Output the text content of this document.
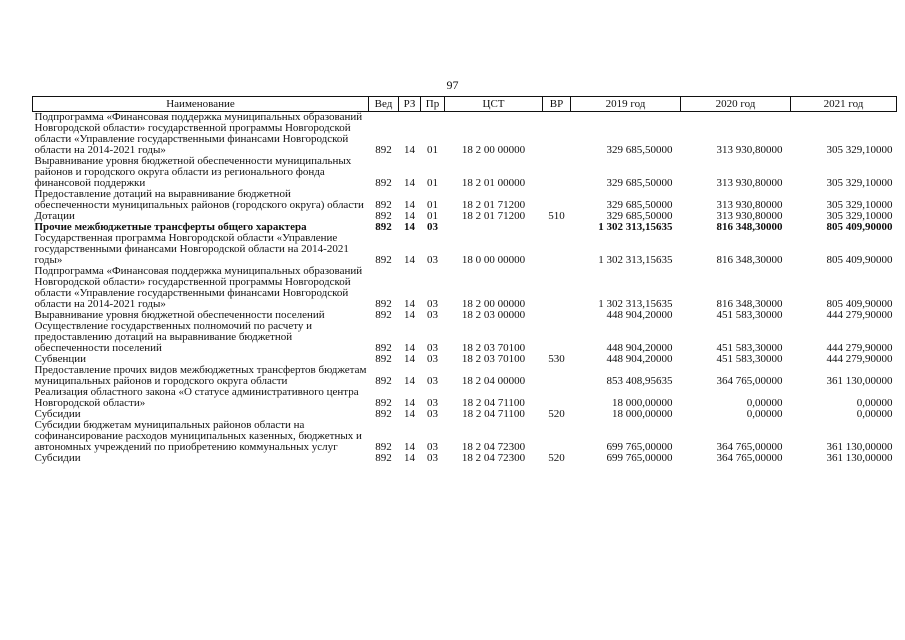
97
Наименование	Вед	РЗ	Пр	ЦСТ	ВР	2019 год	2020 год	2021 год
Подпрограмма «Финансовая поддержка муниципальных образований Новгородской области» государственной программы Новгородской области «Управление государственными финансами Новгородской области на 2014-2021 годы»	892	14	01	18 2 00 00000		329 685,50000	313 930,80000	305 329,10000
Выравнивание уровня бюджетной обеспеченности муниципальных районов и городского округа области из регионального фонда финансовой поддержки	892	14	01	18 2 01 00000		329 685,50000	313 930,80000	305 329,10000
Предоставление дотаций на выравнивание бюджетной обеспеченности муниципальных районов (городского округа) области	892	14	01	18 2 01 71200		329 685,50000	313 930,80000	305 329,10000
Дотации	892	14	01	18 2 01 71200	510	329 685,50000	313 930,80000	305 329,10000
Прочие межбюджетные трансферты общего характера	892	14	03			1 302 313,15635	816 348,30000	805 409,90000
Государственная программа Новгородской области «Управление государственными финансами Новгородской области на 2014-2021 годы»	892	14	03	18 0 00 00000		1 302 313,15635	816 348,30000	805 409,90000
Подпрограмма «Финансовая поддержка муниципальных образований Новгородской области» государственной программы Новгородской области «Управление государственными финансами Новгородской области на 2014-2021 годы»	892	14	03	18 2 00 00000		1 302 313,15635	816 348,30000	805 409,90000
Выравнивание уровня бюджетной обеспеченности поселений	892	14	03	18 2 03 00000		448 904,20000	451 583,30000	444 279,90000
Осуществление государственных полномочий по расчету и предоставлению дотаций на выравнивание бюджетной обеспеченности поселений	892	14	03	18 2 03 70100		448 904,20000	451 583,30000	444 279,90000
Субвенции	892	14	03	18 2 03 70100	530	448 904,20000	451 583,30000	444 279,90000
Предоставление прочих видов межбюджетных трансфертов бюджетам муниципальных районов и городского округа области	892	14	03	18 2 04 00000		853 408,95635	364 765,00000	361 130,00000
Реализация областного закона «О статусе административного центра Новгородской области»	892	14	03	18 2 04 71100		18 000,00000	0,00000	0,00000
Субсидии	892	14	03	18 2 04 71100	520	18 000,00000	0,00000	0,00000
Субсидии бюджетам муниципальных районов области на софинансирование расходов муниципальных казенных, бюджетных и автономных учреждений по приобретению коммунальных услуг	892	14	03	18 2 04 72300		699 765,00000	364 765,00000	361 130,00000
Субсидии	892	14	03	18 2 04 72300	520	699 765,00000	364 765,00000	361 130,00000
